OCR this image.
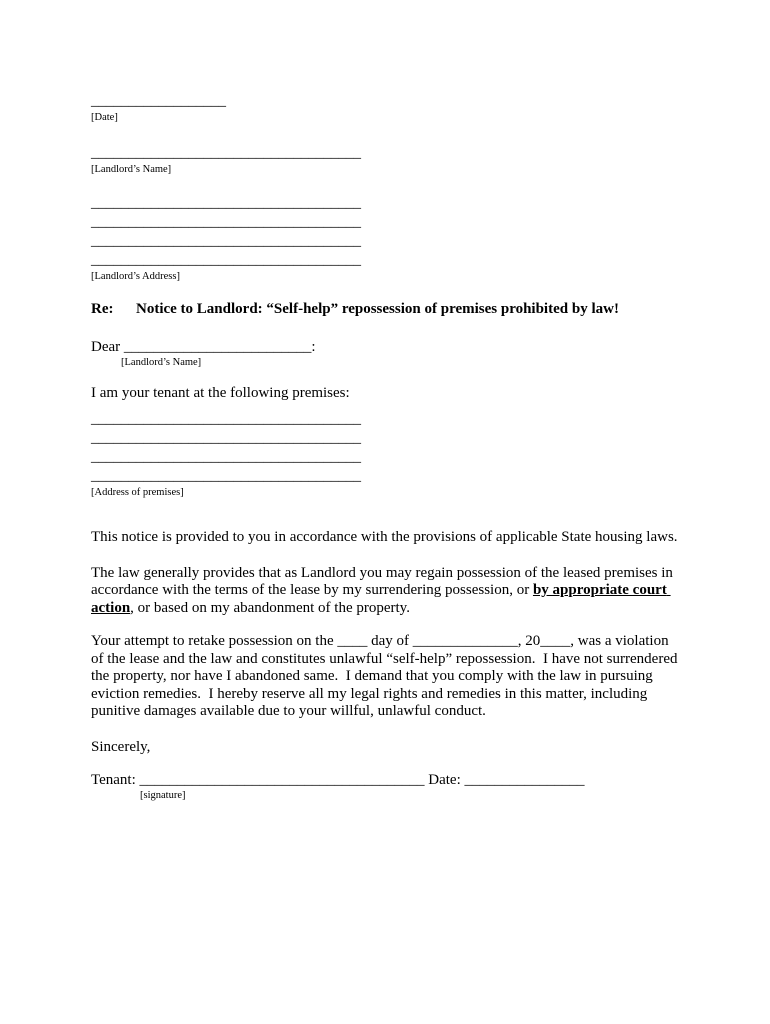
__________________
[Date]
____________________________________
[Landlord’s Name]
____________________________________
____________________________________
____________________________________
____________________________________
[Landlord’s Address]
Re:	Notice to Landlord: “Self-help” repossession of premises prohibited by law!
Dear _________________________:
[Landlord’s Name]
I am your tenant at the following premises:
____________________________________
____________________________________
____________________________________
____________________________________
[Address of premises]
This notice is provided to you in accordance with the provisions of applicable State housing laws.
The law generally provides that as Landlord you may regain possession of the leased premises in accordance with the terms of the lease by my surrendering possession, or by appropriate court action, or based on my abandonment of the property.
Your attempt to retake possession on the ____ day of ______________, 20____, was a violation of the lease and the law and constitutes unlawful “self-help” repossession.  I have not surrendered the property, nor have I abandoned same.  I demand that you comply with the law in pursuing eviction remedies.  I hereby reserve all my legal rights and remedies in this matter, including punitive damages available due to your willful, unlawful conduct.
Sincerely,
Tenant: ______________________________________ Date: ________________
[signature]
